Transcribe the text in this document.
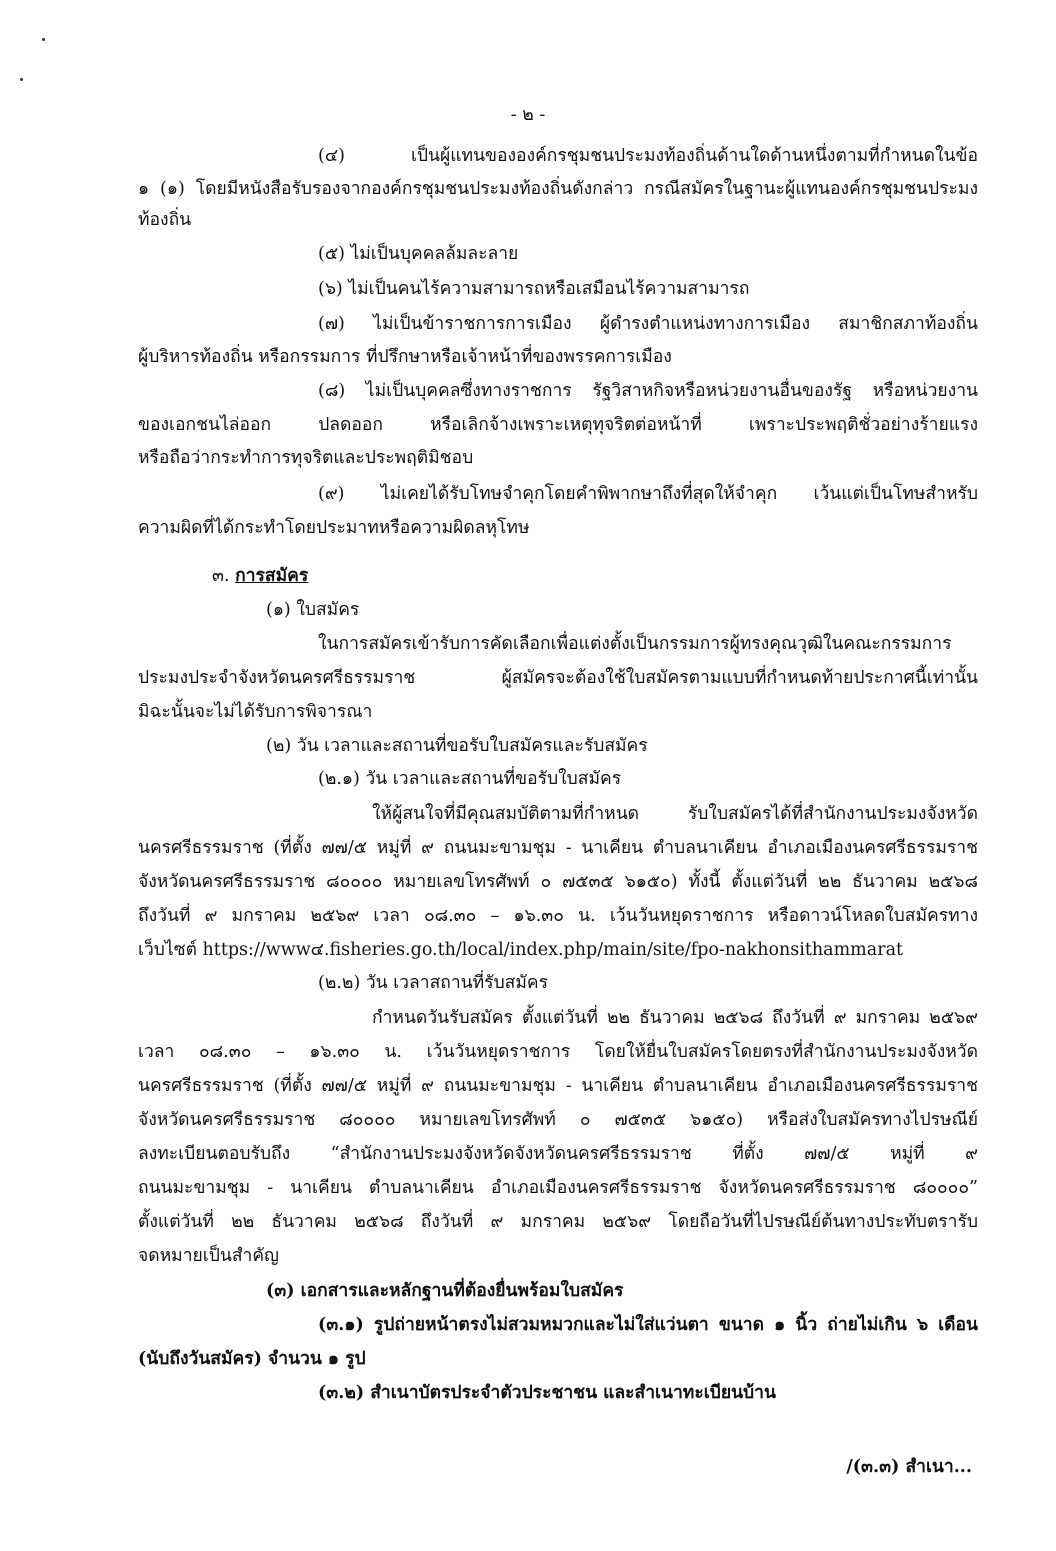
- ๒ -
(๔) เป็นผู้แทนขององค์กรชุมชนประมงท้องถิ่นด้านใดด้านหนึ่งตามที่กำหนดในข้อ
๑ (๑) โดยมีหนังสือรับรองจากองค์กรชุมชนประมงท้องถิ่นดังกล่าว กรณีสมัครในฐานะผู้แทนองค์กรชุมชนประมง
ท้องถิ่น
(๕) ไม่เป็นบุคคลล้มละลาย
(๖) ไม่เป็นคนไร้ความสามารถหรือเสมือนไร้ความสามารถ
(๗) ไม่เป็นข้าราชการการเมือง ผู้ดำรงตำแหน่งทางการเมือง สมาชิกสภาท้องถิ่น
ผู้บริหารท้องถิ่น หรือกรรมการ ที่ปรึกษาหรือเจ้าหน้าที่ของพรรคการเมือง
(๘) ไม่เป็นบุคคลซึ่งทางราชการ รัฐวิสาหกิจหรือหน่วยงานอื่นของรัฐ หรือหน่วยงาน
ของเอกชนไล่ออก ปลดออก หรือเลิกจ้างเพราะเหตุทุจริตต่อหน้าที่ เพราะประพฤติชั่วอย่างร้ายแรง
หรือถือว่ากระทำการทุจริตและประพฤติมิชอบ
(๙) ไม่เคยได้รับโทษจำคุกโดยคำพิพากษาถึงที่สุดให้จำคุก เว้นแต่เป็นโทษสำหรับ
ความผิดที่ได้กระทำโดยประมาทหรือความผิดลหุโทษ
๓. การสมัคร
(๑) ใบสมัคร
ในการสมัครเข้ารับการคัดเลือกเพื่อแต่งตั้งเป็นกรรมการผู้ทรงคุณวุฒิในคณะกรรมการ
ประมงประจำจังหวัดนครศรีธรรมราช ผู้สมัครจะต้องใช้ใบสมัครตามแบบที่กำหนดท้ายประกาศนี้เท่านั้น
มิฉะนั้นจะไม่ได้รับการพิจารณา
(๒) วัน เวลาและสถานที่ขอรับใบสมัครและรับสมัคร
(๒.๑) วัน เวลาและสถานที่ขอรับใบสมัคร
ให้ผู้สนใจที่มีคุณสมบัติตามที่กำหนด รับใบสมัครได้ที่สำนักงานประมงจังหวัด
นครศรีธรรมราช (ที่ตั้ง ๗๗/๕ หมู่ที่ ๙ ถนนมะขามชุม - นาเคียน ตำบลนาเคียน อำเภอเมืองนครศรีธรรมราช
จังหวัดนครศรีธรรมราช ๘๐๐๐๐ หมายเลขโทรศัพท์ ๐ ๗๕๓๕ ๖๑๕๐) ทั้งนี้ ตั้งแต่วันที่ ๒๒ ธันวาคม ๒๕๖๘
ถึงวันที่ ๙ มกราคม ๒๕๖๙ เวลา ๐๘.๓๐ – ๑๖.๓๐ น. เว้นวันหยุดราชการ หรือดาวน์โหลดใบสมัครทาง
เว็บไซต์ https://www๔.fisheries.go.th/local/index.php/main/site/fpo-nakhonsithammarat
(๒.๒) วัน เวลาสถานที่รับสมัคร
กำหนดวันรับสมัคร ตั้งแต่วันที่ ๒๒ ธันวาคม ๒๕๖๘ ถึงวันที่ ๙ มกราคม ๒๕๖๙
เวลา ๐๘.๓๐ – ๑๖.๓๐ น. เว้นวันหยุดราชการ โดยให้ยื่นใบสมัครโดยตรงที่สำนักงานประมงจังหวัด
นครศรีธรรมราช (ที่ตั้ง ๗๗/๕ หมู่ที่ ๙ ถนนมะขามชุม - นาเคียน ตำบลนาเคียน อำเภอเมืองนครศรีธรรมราช
จังหวัดนครศรีธรรมราช ๘๐๐๐๐ หมายเลขโทรศัพท์ ๐ ๗๕๓๕ ๖๑๕๐) หรือส่งใบสมัครทางไปรษณีย์
ลงทะเบียนตอบรับถึง “สำนักงานประมงจังหวัดจังหวัดนครศรีธรรมราช ที่ตั้ง ๗๗/๕ หมู่ที่ ๙
ถนนมะขามชุม - นาเคียน ตำบลนาเคียน อำเภอเมืองนครศรีธรรมราช จังหวัดนครศรีธรรมราช ๘๐๐๐๐”
ตั้งแต่วันที่ ๒๒ ธันวาคม ๒๕๖๘ ถึงวันที่ ๙ มกราคม ๒๕๖๙ โดยถือวันที่ไปรษณีย์ต้นทางประทับตรารับ
จดหมายเป็นสำคัญ
(๓) เอกสารและหลักฐานที่ต้องยื่นพร้อมใบสมัคร
(๓.๑) รูปถ่ายหน้าตรงไม่สวมหมวกและไม่ใส่แว่นตา ขนาด ๑ นิ้ว ถ่ายไม่เกิน ๖ เดือน
(นับถึงวันสมัคร) จำนวน ๑ รูป
(๓.๒) สำเนาบัตรประจำตัวประชาชน และสำเนาทะเบียนบ้าน
/(๓.๓) สำเนา...
